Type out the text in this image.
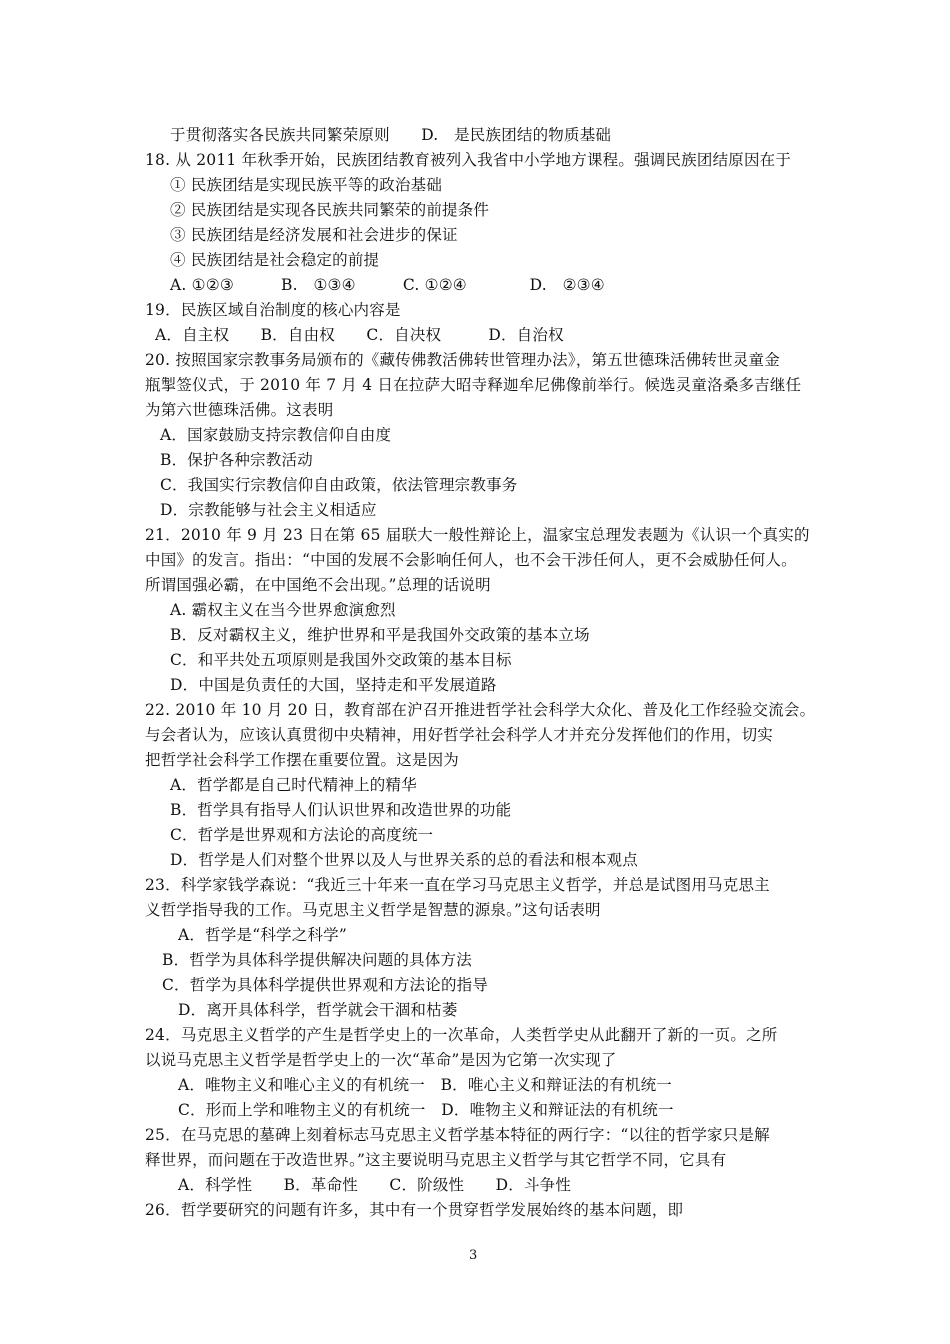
于贯彻落实各民族共同繁荣原则　　D.　是民族团结的物质基础
18. 从 2011 年秋季开始，民族团结教育被列入我省中小学地方课程。强调民族团结原因在于
① 民族团结是实现民族平等的政治基础
② 民族团结是实现各民族共同繁荣的前提条件
③ 民族团结是经济发展和社会进步的保证
④ 民族团结是社会稳定的前提
A. ①②③　　　B.　①③④　　　C. ①②④　　　　D.　②③④
19．民族区域自治制度的核心内容是
A．自主权　　B．自由权　　C．自决权　　　D．自治权
20. 按照国家宗教事务局颁布的《藏传佛教活佛转世管理办法》，第五世德珠活佛转世灵童金
瓶掣签仪式，于 2010 年 7 月 4 日在拉萨大昭寺释迦牟尼佛像前举行。候选灵童洛桑多吉继任
为第六世德珠活佛。这表明
A．国家鼓励支持宗教信仰自由度
B．保护各种宗教活动
C．我国实行宗教信仰自由政策，依法管理宗教事务
D．宗教能够与社会主义相适应
21．2010 年 9 月 23 日在第 65 届联大一般性辩论上，温家宝总理发表题为《认识一个真实的
中国》的发言。指出：“中国的发展不会影响任何人，也不会干涉任何人，更不会威胁任何人。
所谓国强必霸，在中国绝不会出现。”总理的话说明
A. 霸权主义在当今世界愈演愈烈
B．反对霸权主义，维护世界和平是我国外交政策的基本立场
C．和平共处五项原则是我国外交政策的基本目标
D．中国是负责任的大国，坚持走和平发展道路
22. 2010 年 10 月 20 日，教育部在沪召开推进哲学社会科学大众化、普及化工作经验交流会。
与会者认为，应该认真贯彻中央精神，用好哲学社会科学人才并充分发挥他们的作用，切实
把哲学社会科学工作摆在重要位置。这是因为
A．哲学都是自己时代精神上的精华
B．哲学具有指导人们认识世界和改造世界的功能
C．哲学是世界观和方法论的高度统一
D．哲学是人们对整个世界以及人与世界关系的总的看法和根本观点
23．科学家钱学森说：“我近三十年来一直在学习马克思主义哲学，并总是试图用马克思主
义哲学指导我的工作。马克思主义哲学是智慧的源泉。”这句话表明
A．哲学是“科学之科学”
B．哲学为具体科学提供解决问题的具体方法
C．哲学为具体科学提供世界观和方法论的指导
D．离开具体科学，哲学就会干涸和枯萎
24．马克思主义哲学的产生是哲学史上的一次革命，人类哲学史从此翻开了新的一页。之所
以说马克思主义哲学是哲学史上的一次“革命”是因为它第一次实现了
A．唯物主义和唯心主义的有机统一　B．唯心主义和辩证法的有机统一
C．形而上学和唯物主义的有机统一　D．唯物主义和辩证法的有机统一
25．在马克思的墓碑上刻着标志马克思主义哲学基本特征的两行字：“以往的哲学家只是解
释世界，而问题在于改造世界。”这主要说明马克思主义哲学与其它哲学不同，它具有
A．科学性　　B．革命性　　C．阶级性　　D．斗争性
26．哲学要研究的问题有许多，其中有一个贯穿哲学发展始终的基本问题，即
3
